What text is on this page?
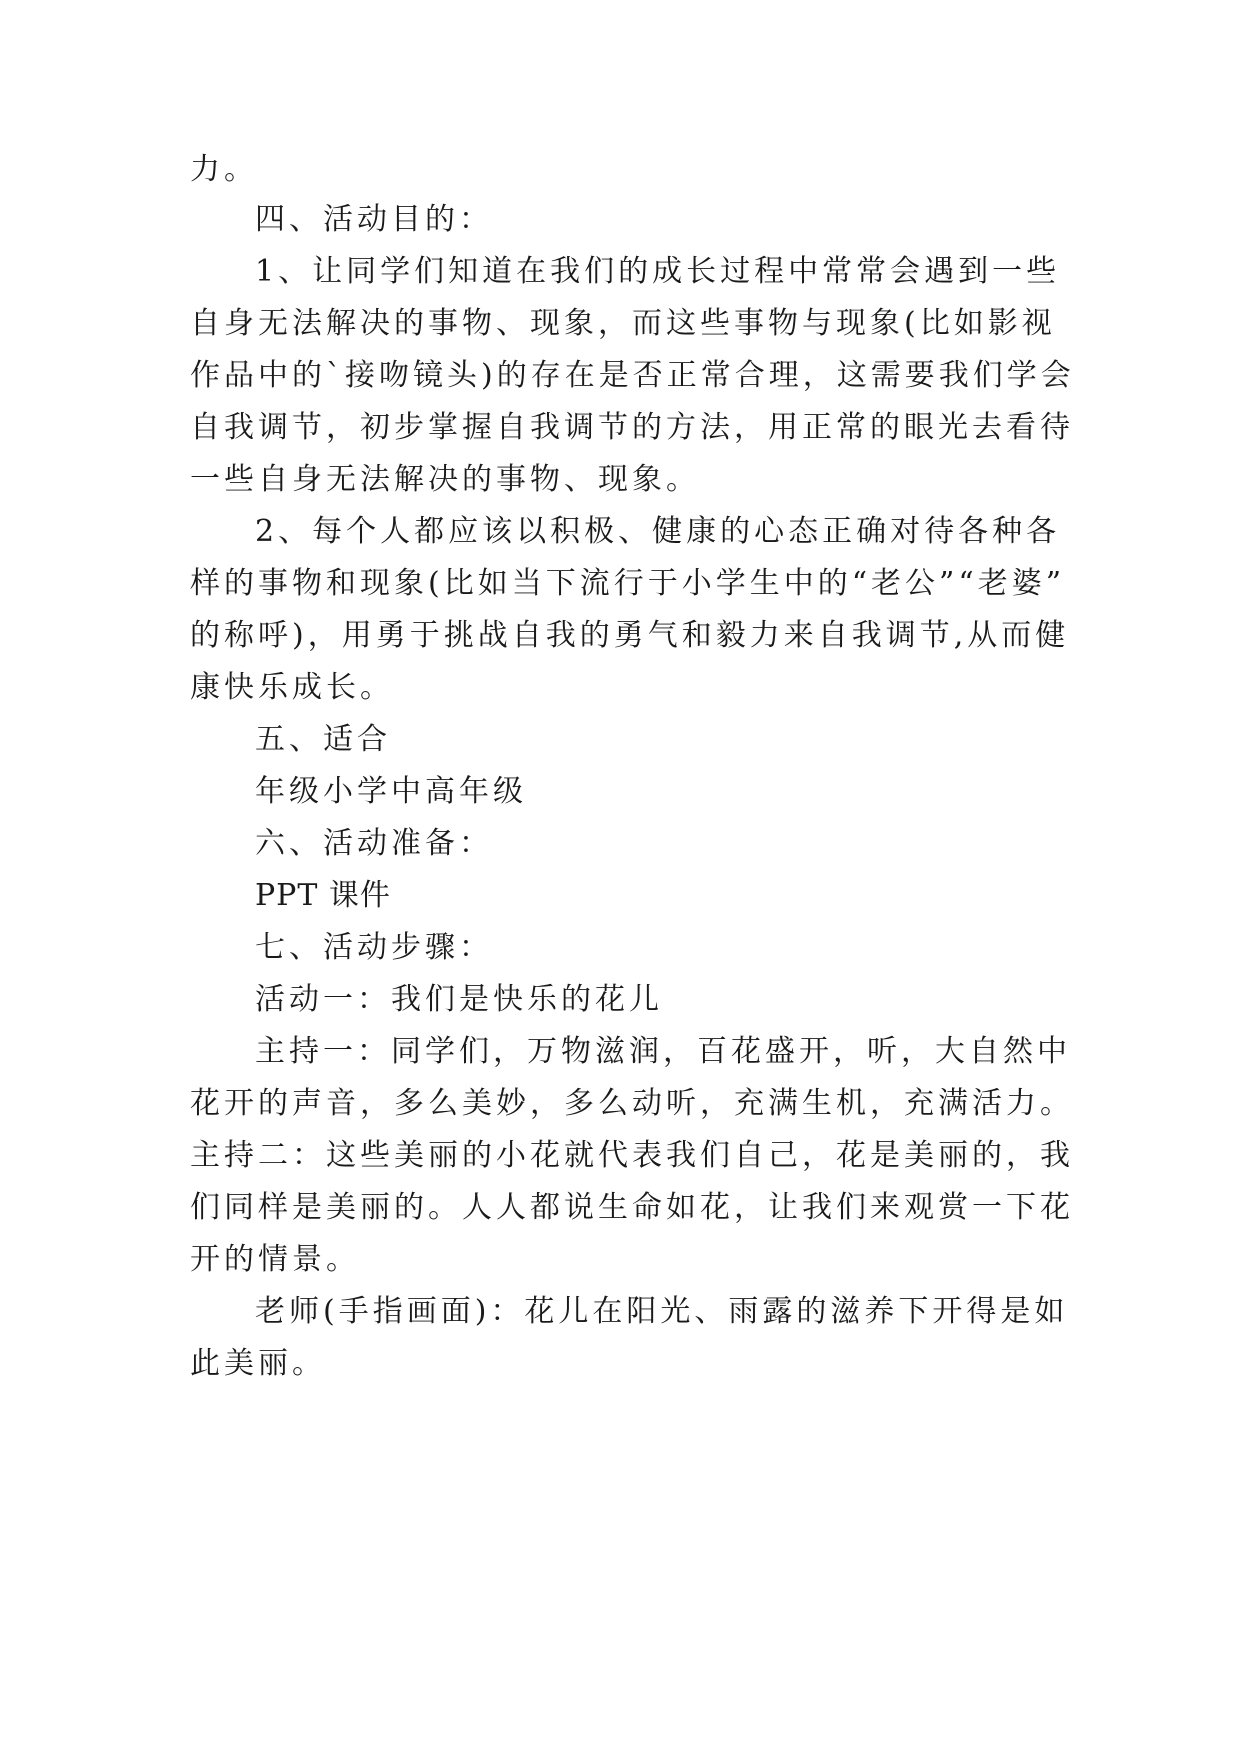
力。
四、活动目的：
1、让同学们知道在我们的成长过程中常常会遇到一些
自身无法解决的事物、现象，而这些事物与现象(比如影视
作品中的`接吻镜头)的存在是否正常合理，这需要我们学会
自我调节，初步掌握自我调节的方法，用正常的眼光去看待
一些自身无法解决的事物、现象。
2、每个人都应该以积极、健康的心态正确对待各种各
样的事物和现象(比如当下流行于小学生中的“老公”“老婆”
的称呼)，用勇于挑战自我的勇气和毅力来自我调节,从而健
康快乐成长。
五、适合
年级小学中高年级
六、活动准备：
PPT 课件
七、活动步骤：
活动一：我们是快乐的花儿
主持一：同学们，万物滋润，百花盛开，听，大自然中
花开的声音，多么美妙，多么动听，充满生机，充满活力。
主持二：这些美丽的小花就代表我们自己，花是美丽的，我
们同样是美丽的。人人都说生命如花，让我们来观赏一下花
开的情景。
老师(手指画面)：花儿在阳光、雨露的滋养下开得是如
此美丽。
